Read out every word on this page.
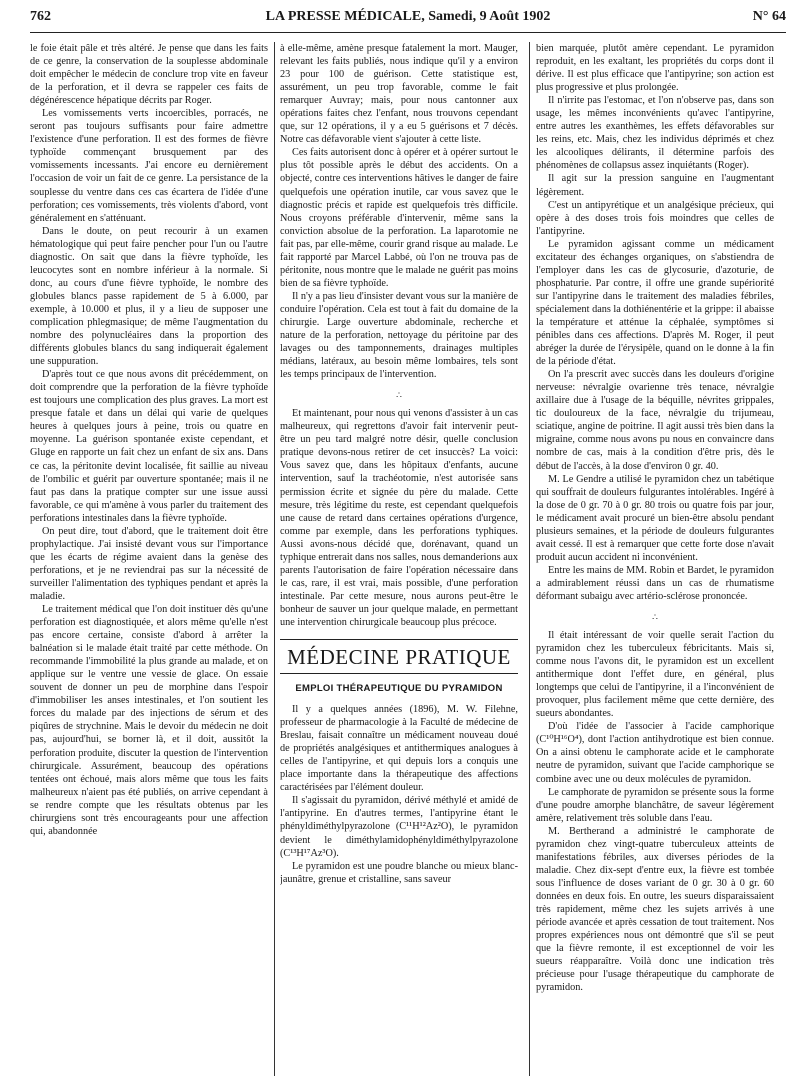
762	LA PRESSE MÉDICALE, Samedi, 9 Août 1902	N° 64

le foie était pâle et très altéré. Je pense que dans les faits de ce genre, la conservation de la souplesse abdominale doit empêcher le médecin de conclure trop vite en faveur de la perforation, et il devra se rappeler ces faits de dégénérescence hépatique décrits par Roger.

Les vomissements verts incoercibles, porracés, ne seront pas toujours suffisants pour faire admettre l'existence d'une perforation. Il est des formes de fièvre typhoïde commençant brusquement par des vomissements incessants. J'ai encore eu dernièrement l'occasion de voir un fait de ce genre. La persistance de la souplesse du ventre dans ces cas écartera de l'idée d'une perforation; ces vomissements, très violents d'abord, vont généralement en s'atténuant.

Dans le doute, on peut recourir à un examen hématologique qui peut faire pencher pour l'un ou l'autre diagnostic. On sait que dans la fièvre typhoïde, les leucocytes sont en nombre inférieur à la normale. Si donc, au cours d'une fièvre typhoïde, le nombre des globules blancs passe rapidement de 5 à 6.000, par exemple, à 10.000 et plus, il y a lieu de supposer une complication phlegmasique; de même l'augmentation du nombre des polynucléaires dans la proportion des différents globules blancs du sang indiquerait également une suppuration.

D'après tout ce que nous avons dit précédemment, on doit comprendre que la perforation de la fièvre typhoïde est toujours une complication des plus graves. La mort est presque fatale et dans un délai qui varie de quelques heures à quelques jours à peine, trois ou quatre en moyenne. La guérison spontanée existe cependant, et Gluge en rapporte un fait chez un enfant de six ans. Dans ce cas, la péritonite devint localisée, fit saillie au niveau de l'ombilic et guérit par ouverture spontanée; mais il ne faut pas dans la pratique compter sur une issue aussi favorable, ce qui m'amène à vous parler du traitement des perforations intestinales dans la fièvre typhoïde.

On peut dire, tout d'abord, que le traitement doit être prophylactique. J'ai insisté devant vous sur l'importance que les écarts de régime avaient dans la genèse des perforations, et je ne reviendrai pas sur la nécessité de surveiller l'alimentation des typhiques pendant et après la maladie.

Le traitement médical que l'on doit instituer dès qu'une perforation est diagnostiquée, et alors même qu'elle n'est pas encore certaine, consiste d'abord à arrêter la balnéation si le malade était traité par cette méthode. On recommande l'immobilité la plus grande au malade, et on applique sur le ventre une vessie de glace. On essaie souvent de donner un peu de morphine dans l'espoir d'immobiliser les anses intestinales, et l'on soutient les forces du malade par des injections de sérum et des piqûres de strychnine. Mais le devoir du médecin ne doit pas, aujourd'hui, se borner là, et il doit, aussitôt la perforation produite, discuter la question de l'intervention chirurgicale. Assurément, beaucoup des opérations tentées ont échoué, mais alors même que tous les faits malheureux n'aient pas été publiés, on arrive cependant à se rendre compte que les résultats obtenus par les chirurgiens sont très encourageants pour une affection qui, abandonnée

à elle-même, amène presque fatalement la mort. Mauger, relevant les faits publiés, nous indique qu'il y a environ 23 pour 100 de guérison. Cette statistique est, assurément, un peu trop favorable, comme le fait remarquer Auvray; mais, pour nous cantonner aux opérations faites chez l'enfant, nous trouvons cependant que, sur 12 opérations, il y a eu 5 guérisons et 7 décès. Notre cas défavorable vient s'ajouter à cette liste.

Ces faits autorisent donc à opérer et à opérer surtout le plus tôt possible après le début des accidents. On a objecté, contre ces interventions hâtives le danger de faire quelquefois une opération inutile, car vous savez que le diagnostic précis et rapide est quelquefois très difficile. Nous croyons préférable d'intervenir, même sans la conviction absolue de la perforation. La laparotomie ne fait pas, par elle-même, courir grand risque au malade. Le fait rapporté par Marcel Labbé, où l'on ne trouva pas de péritonite, nous montre que le malade ne guérit pas moins bien de sa fièvre typhoïde.

Il n'y a pas lieu d'insister devant vous sur la manière de conduire l'opération. Cela est tout à fait du domaine de la chirurgie. Large ouverture abdominale, recherche et nature de la perforation, nettoyage du péritoine par des lavages ou des tamponnements, drainages multiples médians, latéraux, au besoin même lombaires, tels sont les temps principaux de l'intervention.

∴

Et maintenant, pour nous qui venons d'assister à un cas malheureux, qui regrettons d'avoir fait intervenir peut-être un peu tard malgré notre désir, quelle conclusion pratique devons-nous retirer de cet insuccès? La voici: Vous savez que, dans les hôpitaux d'enfants, aucune intervention, sauf la trachéotomie, n'est autorisée sans permission écrite et signée du père du malade. Cette mesure, très légitime du reste, est cependant quelquefois une cause de retard dans certaines opérations d'urgence, comme par exemple, dans les perforations typhiques. Aussi avons-nous décidé que, dorénavant, quand un typhique entrerait dans nos salles, nous demanderions aux parents l'autorisation de faire l'opération nécessaire dans le cas, rare, il est vrai, mais possible, d'une perforation intestinale. Par cette mesure, nous aurons peut-être le bonheur de sauver un jour quelque malade, en permettant une intervention chirurgicale beaucoup plus précoce.

MÉDECINE PRATIQUE
EMPLOI THÉRAPEUTIQUE DU PYRAMIDON

Il y a quelques années (1896), M. W. Filehne, professeur de pharmacologie à la Faculté de médecine de Breslau, faisait connaître un médicament nouveau doué de propriétés analgésiques et antithermiques analogues à celles de l'antipyrine, et qui depuis lors a conquis une place importante dans la thérapeutique des affections caractérisées par l'élément douleur.

Il s'agissait du pyramidon, dérivé méthylé et amidé de l'antipyrine. En d'autres termes, l'antipyrine étant le phényldiméthylpyrazolone (C¹¹H¹²Az²O), le pyramidon devient le diméthylamidophényldiméthylpyrazolone (C¹³H¹⁷Az³O).

Le pyramidon est une poudre blanche ou mieux blanc-jaunâtre, grenue et cristalline, sans saveur

bien marquée, plutôt amère cependant. Le pyramidon reproduit, en les exaltant, les propriétés du corps dont il dérive. Il est plus efficace que l'antipyrine; son action est plus progressive et plus prolongée.

Il n'irrite pas l'estomac, et l'on n'observe pas, dans son usage, les mêmes inconvénients qu'avec l'antipyrine, entre autres les exanthèmes, les effets défavorables sur les reins, etc. Mais, chez les individus déprimés et chez les alcooliques délirants, il détermine parfois des phénomènes de collapsus assez inquiétants (Roger).

Il agit sur la pression sanguine en l'augmentant légèrement.

C'est un antipyrétique et un analgésique précieux, qui opère à des doses trois fois moindres que celles de l'antipyrine.

Le pyramidon agissant comme un médicament excitateur des échanges organiques, on s'abstiendra de l'employer dans les cas de glycosurie, d'azoturie, de phosphaturie. Par contre, il offre une grande supériorité sur l'antipyrine dans le traitement des maladies fébriles, spécialement dans la dothiénentérie et la grippe: il abaisse la température et atténue la céphalée, symptômes si pénibles dans ces affections. D'après M. Roger, il peut abréger la durée de l'érysipèle, quand on le donne à la fin de la période d'état.

On l'a prescrit avec succès dans les douleurs d'origine nerveuse: névralgie ovarienne très tenace, névralgie axillaire due à l'usage de la béquille, névrites grippales, tic douloureux de la face, névralgie du trijumeau, sciatique, angine de poitrine. Il agit aussi très bien dans la migraine, comme nous avons pu nous en convaincre dans nombre de cas, mais à la condition d'être pris, dès le début de l'accès, à la dose d'environ 0 gr. 40.

M. Le Gendre a utilisé le pyramidon chez un tabétique qui souffrait de douleurs fulgurantes intolérables. Ingéré à la dose de 0 gr. 70 à 0 gr. 80 trois ou quatre fois par jour, le médicament avait procuré un bien-être absolu pendant plusieurs semaines, et la période de douleurs fulgurantes avait cessé. Il est à remarquer que cette forte dose n'avait produit aucun accident ni inconvénient.

Entre les mains de MM. Robin et Bardet, le pyramidon a admirablement réussi dans un cas de rhumatisme déformant subaigu avec artério-sclérose prononcée.

∴

Il était intéressant de voir quelle serait l'action du pyramidon chez les tuberculeux fébricitants. Mais si, comme nous l'avons dit, le pyramidon est un excellent antithermique dont l'effet dure, en général, plus longtemps que celui de l'antipyrine, il a l'inconvénient de provoquer, plus facilement même que cette dernière, des sueurs abondantes.

D'où l'idée de l'associer à l'acide camphorique (C¹⁰H¹⁶O⁴), dont l'action antihydrotique est bien connue. On a ainsi obtenu le camphorate acide et le camphorate neutre de pyramidon, suivant que l'acide camphorique se combine avec une ou deux molécules de pyramidon.

Le camphorate de pyramidon se présente sous la forme d'une poudre amorphe blanchâtre, de saveur légèrement amère, relativement très soluble dans l'eau.

M. Bertherand a administré le camphorate de pyramidon chez vingt-quatre tuberculeux atteints de manifestations fébriles, aux diverses périodes de la maladie. Chez dix-sept d'entre eux, la fièvre est tombée sous l'influence de doses variant de 0 gr. 30 à 0 gr. 60 données en deux fois. En outre, les sueurs disparaissaient très rapidement, même chez les sujets arrivés à une période avancée et après cessation de tout traitement. Nos propres expériences nous ont démontré que s'il se peut que la fièvre remonte, il est exceptionnel de voir les sueurs réapparaître. Voilà donc une indication très précieuse pour l'usage thérapeutique du camphorate de pyramidon.
